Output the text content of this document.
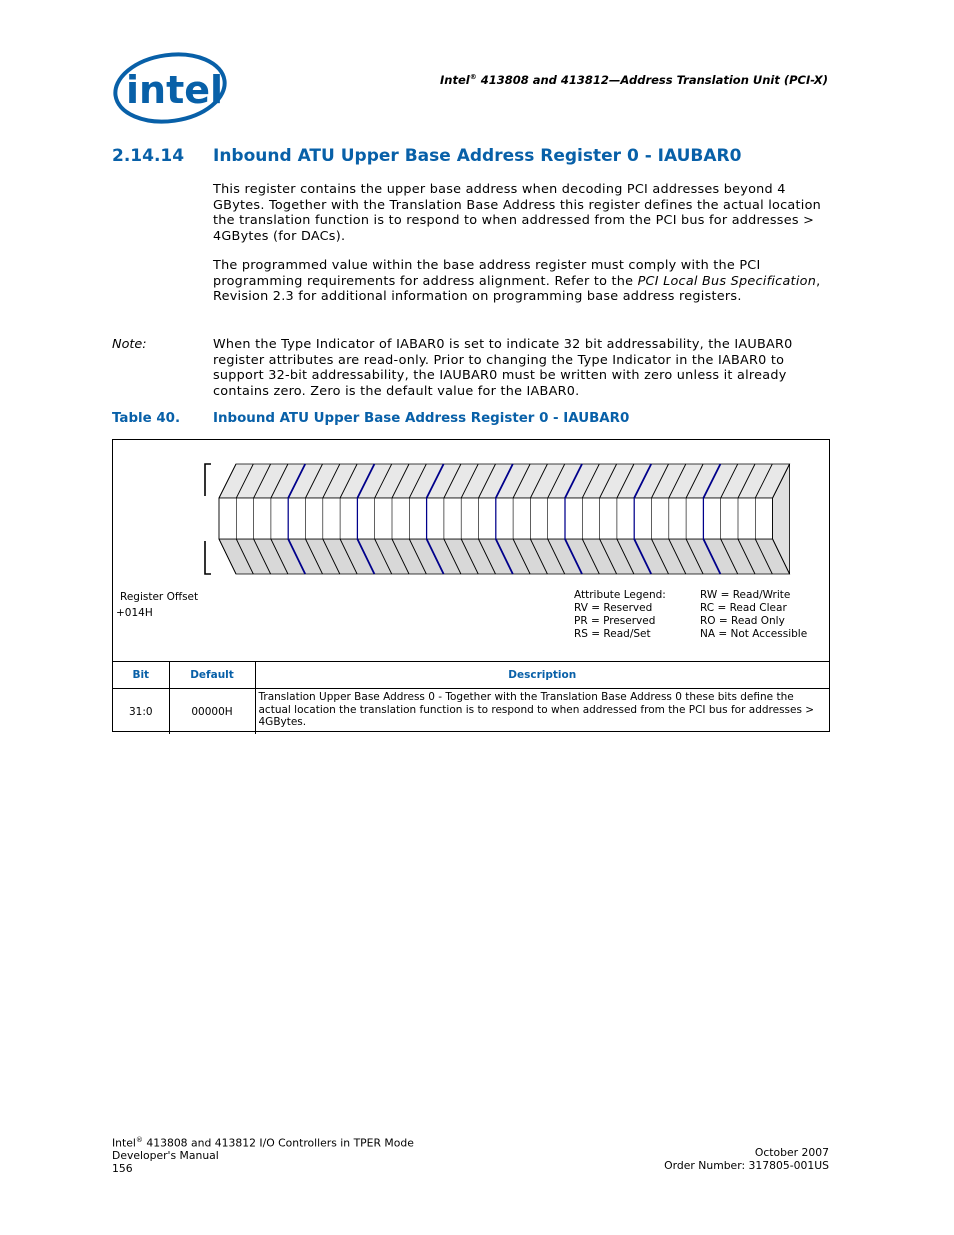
intel	Intel® 413808 and 413812—Address Translation Unit (PCI-X)
2.14.14 Inbound ATU Upper Base Address Register 0 - IAUBAR0
This register contains the upper base address when decoding PCI addresses beyond 4 GBytes. Together with the Translation Base Address this register defines the actual location the translation function is to respond to when addressed from the PCI bus for addresses > 4GBytes (for DACs).
The programmed value within the base address register must comply with the PCI programming requirements for address alignment. Refer to the PCI Local Bus Specification, Revision 2.3 for additional information on programming base address registers.
Note:	When the Type Indicator of IABAR0 is set to indicate 32 bit addressability, the IAUBAR0 register attributes are read-only. Prior to changing the Type Indicator in the IABAR0 to support 32-bit addressability, the IAUBAR0 must be written with zero unless it already contains zero. Zero is the default value for the IABAR0.
Table 40. Inbound ATU Upper Base Address Register 0 - IAUBAR0
Register Offset
+014H
Attribute Legend:
RV = Reserved
PR = Preserved
RS = Read/Set
RW = Read/Write
RC = Read Clear
RO = Read Only
NA = Not Accessible
Bit	Default	Description
31:0	00000H	Translation Upper Base Address 0 - Together with the Translation Base Address 0 these bits define the actual location the translation function is to respond to when addressed from the PCI bus for addresses > 4GBytes.
Intel® 413808 and 413812 I/O Controllers in TPER Mode
Developer's Manual
156
October 2007
Order Number: 317805-001US
